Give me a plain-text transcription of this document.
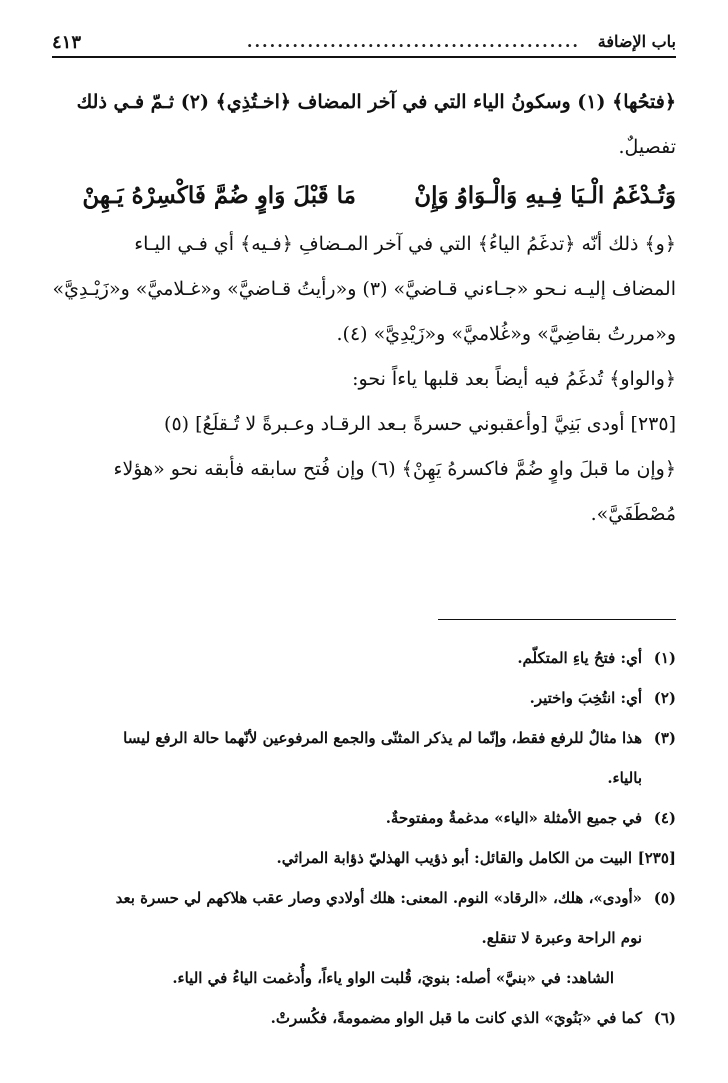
باب الإضافة
............................................
٤١٣
﴿فتحُها﴾ (١) وسكونُ الياء التي في آخر المضاف ﴿اخـتُذِي﴾ (٢) ثـمّ فـي ذلك
تفصيلٌ.
وَتُـدْغَمُ الْـيَا فِـيهِ وَالْـوَاوُ وَإِنْمَا قَبْلَ وَاوٍ ضُمَّ فَاكْسِرْهُ يَـهِنْ
﴿و﴾ ذلك أنّه ﴿تدغَمُ الياءُ﴾ التي في آخر المـضافِ ﴿فـيه﴾ أي فـي اليـاء
المضاف إليـه نـحو «جـاءني قـاضيَّ» (٣) و«رأيتُ قـاضيَّ» و«غـلاميَّ» و«زَيْـدِيَّ»
و«مررتُ بقاضِيَّ» و«غُلاميَّ» و«زَيْدِيَّ» (٤).
﴿والواو﴾ تُدغَمُ فيه أيضاً بعد قلبها ياءاً نحو:
[٢٣٥] أودى بَنِيَّ [وأعقبوني حسرةً بـعد الرقـاد وعـبرةً لا تُـقلَعُ] (٥)
﴿وإن ما قبلَ واوٍ ضُمَّ فاكسرهُ يَهِنْ﴾ (٦) وإن فُتح سابقه فأبقه نحو «هؤلاء
مُصْطَفَيَّ».
(١)أي: فتحُ ياءِ المتكلّم.
(٢)أي: انتُخِبَ واختير.
(٣)هذا مثالٌ للرفع فقط، وإنّما لم يذكر المثنّى والجمع المرفوعين لأنّهما حالة الرفع ليسا
بالياء.
(٤)في جميع الأمثلة «الياء» مدغمةٌ ومفتوحةٌ.
[٢٣٥]البيت من الكامل والقائل: أبو ذؤيب الهذليّ ذؤابة المراثي.
(٥)«أودى»، هلك، «الرقاد» النوم. المعنى: هلك أولادي وصار عقب هلاكهم لي حسرة بعد
نوم الراحة وعبرة لا تنقلع.
الشاهد: في «بنيَّ» أصله: بنويَ، قُلبت الواو ياءاً، وأُدغمت الياءُ في الياء.
(٦)كما في «بَنُويَ» الذي كانت ما قبل الواو مضمومةً، فكُسرتْ.
